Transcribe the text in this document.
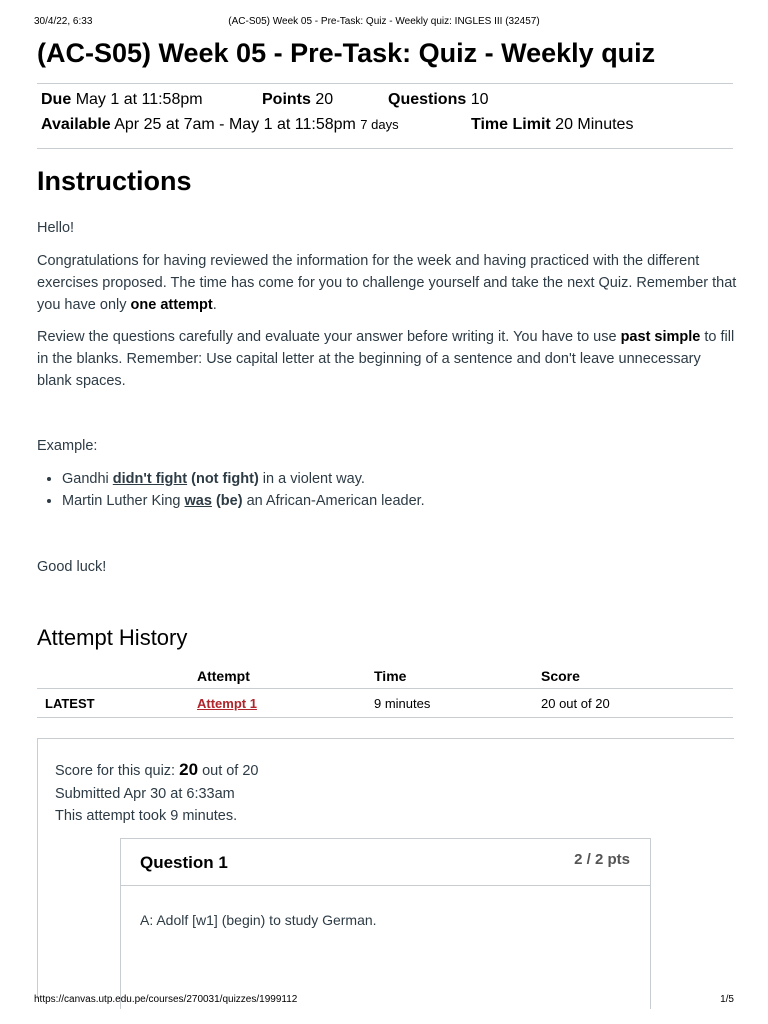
30/4/22, 6:33	(AC-S05) Week 05 - Pre-Task: Quiz - Weekly quiz: INGLES III (32457)
(AC-S05) Week 05 - Pre-Task: Quiz - Weekly quiz
Due May 1 at 11:58pm	Points 20	Questions 10
Available Apr 25 at 7am - May 1 at 11:58pm 7 days	Time Limit 20 Minutes
Instructions

Hello!

Congratulations for having reviewed the information for the week and having practiced with the different exercises proposed. The time has come for you to challenge yourself and take the next Quiz. Remember that you have only one attempt.

Review the questions carefully and evaluate your answer before writing it. You have to use past simple to fill in the blanks. Remember: Use capital letter at the beginning of a sentence and don't leave unnecessary blank spaces.

Example:

• Gandhi didn't fight (not fight) in a violent way.
• Martin Luther King was (be) an African-American leader.

Good luck!

Attempt History
	Attempt	Time	Score
LATEST	Attempt 1	9 minutes	20 out of 20
Score for this quiz: 20 out of 20
Submitted Apr 30 at 6:33am
This attempt took 9 minutes.
Question 1	2 / 2 pts
A: Adolf [w1] (begin) to study German.
https://canvas.utp.edu.pe/courses/270031/quizzes/1999112	1/5
